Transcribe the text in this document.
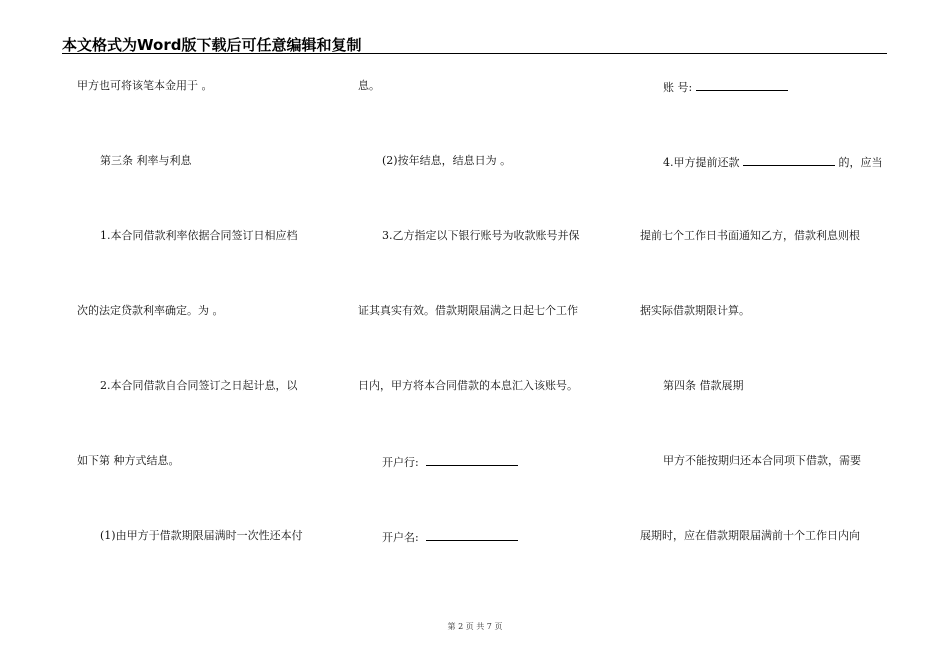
本文格式为Word版下载后可任意编辑和复制
甲方也可将该笔本金用于 。
第三条 利率与利息
1.本合同借款利率依据合同签订日相应档
次的法定贷款利率确定。为 。
2.本合同借款自合同签订之日起计息，以
如下第 种方式结息。
(1)由甲方于借款期限届满时一次性还本付
息。
(2)按年结息，结息日为 。
3.乙方指定以下银行账号为收款账号并保
证其真实有效。借款期限届满之日起七个工作
日内，甲方将本合同借款的本息汇入该账号。
开户行:
开户名:
账 号:
4.甲方提前还款	的，应当
提前七个工作日书面通知乙方，借款利息则根
据实际借款期限计算。
第四条 借款展期
甲方不能按期归还本合同项下借款，需要
展期时，应在借款期限届满前十个工作日内向
第 2 页 共 7 页
